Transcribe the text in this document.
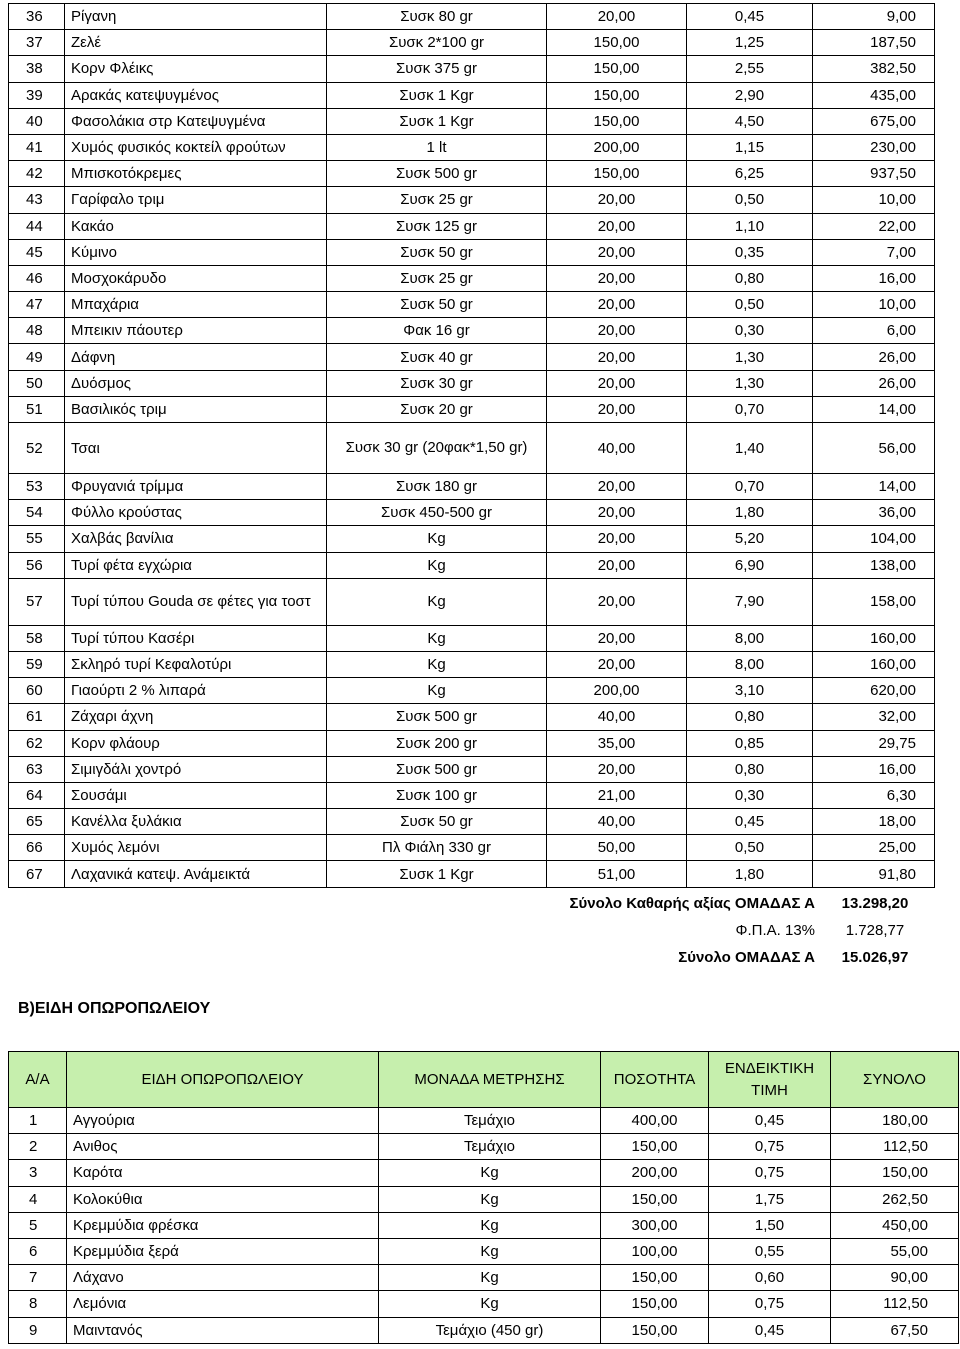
36	Ρίγανη	Συσκ 80 gr	20,00	0,45	9,00
37	Ζελέ	Συσκ 2*100 gr	150,00	1,25	187,50
38	Κορν Φλέικς	Συσκ 375 gr	150,00	2,55	382,50
39	Αρακάς κατεψυγμένος	Συσκ 1 Kgr	150,00	2,90	435,00
40	Φασολάκια στρ Κατεψυγμένα	Συσκ 1 Kgr	150,00	4,50	675,00
41	Χυμός φυσικός κοκτείλ φρούτων	1 lt	200,00	1,15	230,00
42	Μπισκοτόκρεμες	Συσκ 500 gr	150,00	6,25	937,50
43	Γαρίφαλο τριμ	Συσκ 25 gr	20,00	0,50	10,00
44	Κακάο	Συσκ 125 gr	20,00	1,10	22,00
45	Κύμινο	Συσκ 50 gr	20,00	0,35	7,00
46	Μοσχοκάρυδο	Συσκ 25 gr	20,00	0,80	16,00
47	Μπαχάρια	Συσκ 50 gr	20,00	0,50	10,00
48	Μπεικιν πάουτερ	Φακ 16 gr	20,00	0,30	6,00
49	Δάφνη	Συσκ 40 gr	20,00	1,30	26,00
50	Δυόσμος	Συσκ 30 gr	20,00	1,30	26,00
51	Βασιλικός τριμ	Συσκ 20 gr	20,00	0,70	14,00
52	Τσαι	Συσκ 30 gr (20φακ*1,50 gr)	40,00	1,40	56,00
53	Φρυγανιά τρίμμα	Συσκ 180 gr	20,00	0,70	14,00
54	Φύλλο κρούστας	Συσκ 450-500 gr	20,00	1,80	36,00
55	Χαλβάς βανίλια	Kg	20,00	5,20	104,00
56	Τυρί φέτα εγχώρια	Kg	20,00	6,90	138,00
57	Τυρί τύπου Gouda σε φέτες για τοστ	Kg	20,00	7,90	158,00
58	Τυρί τύπου Κασέρι	Kg	20,00	8,00	160,00
59	Σκληρό τυρί Κεφαλοτύρι	Kg	20,00	8,00	160,00
60	Γιαούρτι 2 % λιπαρά	Kg	200,00	3,10	620,00
61	Ζάχαρι άχνη	Συσκ 500 gr	40,00	0,80	32,00
62	Κορν φλάουρ	Συσκ 200 gr	35,00	0,85	29,75
63	Σιμιγδάλι χοντρό	Συσκ 500 gr	20,00	0,80	16,00
64	Σουσάμι	Συσκ 100 gr	21,00	0,30	6,30
65	Κανέλλα ξυλάκια	Συσκ 50 gr	40,00	0,45	18,00
66	Χυμός λεμόνι	Πλ Φιάλη 330 gr	50,00	0,50	25,00
67	Λαχανικά κατεψ. Ανάμεικτά	Συσκ 1 Kgr	51,00	1,80	91,80
Σύνολο Καθαρής αξίας ΟΜΑΔΑΣ Α	13.298,20
Φ.Π.Α. 13%	1.728,77
Σύνολο ΟΜΑΔΑΣ Α	15.026,97
Β)ΕΙΔΗ ΟΠΩΡΟΠΩΛΕΙΟΥ
Α/Α	ΕΙΔΗ ΟΠΩΡΟΠΩΛΕΙΟΥ	ΜΟΝΑΔΑ ΜΕΤΡΗΣΗΣ	ΠΟΣΟΤΗΤΑ	ΕΝΔΕΙΚΤΙΚΗ ΤΙΜΗ	ΣΥΝΟΛΟ
1	Αγγούρια	Τεμάχιο	400,00	0,45	180,00
2	Ανιθος	Τεμάχιο	150,00	0,75	112,50
3	Καρότα	Kg	200,00	0,75	150,00
4	Κολοκύθια	Kg	150,00	1,75	262,50
5	Κρεμμύδια φρέσκα	Kg	300,00	1,50	450,00
6	Κρεμμύδια ξερά	Kg	100,00	0,55	55,00
7	Λάχανο	Kg	150,00	0,60	90,00
8	Λεμόνια	Kg	150,00	0,75	112,50
9	Μαιντανός	Τεμάχιο (450 gr)	150,00	0,45	67,50
